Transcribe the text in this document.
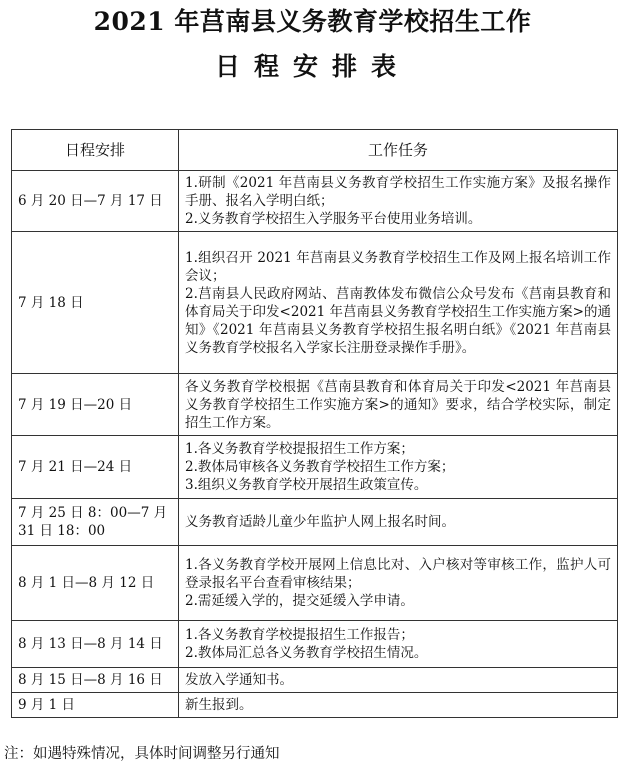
2021 年莒南县义务教育学校招生工作
日程安排表
日程安排	工作任务
6 月 20 日—7 月 17 日	1.研制《2021 年莒南县义务教育学校招生工作实施方案》及报名操作手册、报名入学明白纸；
2.义务教育学校招生入学服务平台使用业务培训。

7 月 18 日	1.组织召开 2021 年莒南县义务教育学校招生工作及网上报名培训工作会议；
2.莒南县人民政府网站、莒南教体发布微信公众号发布《莒南县教育和体育局关于印发<2021 年莒南县义务教育学校招生工作实施方案>的通知》《2021 年莒南县义务教育学校招生报名明白纸》《2021 年莒南县义务教育学校报名入学家长注册登录操作手册》。

7 月 19 日—20 日	各义务教育学校根据《莒南县教育和体育局关于印发<2021 年莒南县义务教育学校招生工作实施方案>的通知》要求，结合学校实际，制定招生工作方案。

7 月 21 日—24 日	1.各义务教育学校提报招生工作方案；
2.教体局审核各义务教育学校招生工作方案；
3.组织义务教育学校开展招生政策宣传。

7 月 25 日 8：00—7 月 31 日 18：00	义务教育适龄儿童少年监护人网上报名时间。

8 月 1 日—8 月 12 日	1.各义务教育学校开展网上信息比对、入户核对等审核工作，监护人可登录报名平台查看审核结果；
2.需延缓入学的，提交延缓入学申请。

8 月 13 日—8 月 14 日	1.各义务教育学校提报招生工作报告；
2.教体局汇总各义务教育学校招生情况。

8 月 15 日—8 月 16 日	发放入学通知书。

9 月 1 日	新生报到。
注：如遇特殊情况，具体时间调整另行通知
